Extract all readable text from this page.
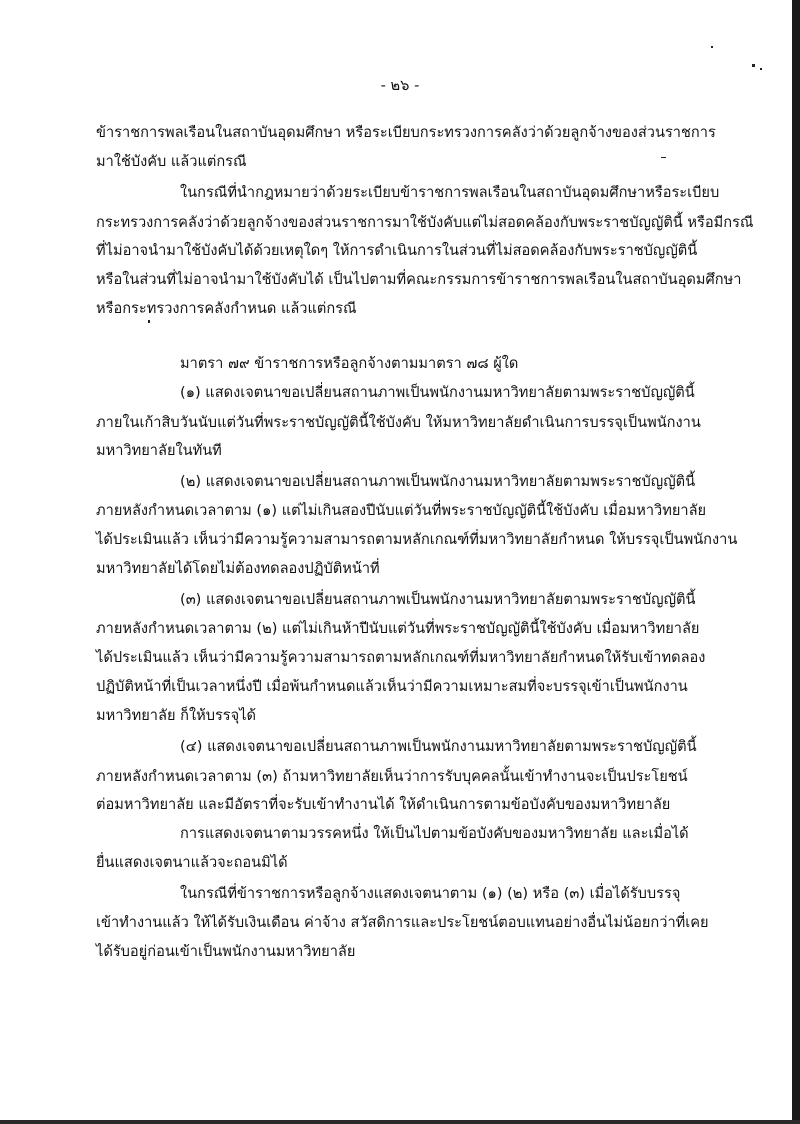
- ๒๖ -

ข้าราชการพลเรือนในสถาบันอุดมศึกษา หรือระเบียบกระทรวงการคลังว่าด้วยลูกจ้างของส่วนราชการ

มาใช้บังคับ แล้วแต่กรณี

ในกรณีที่นำกฎหมายว่าด้วยระเบียบข้าราชการพลเรือนในสถาบันอุดมศึกษาหรือระเบียบ

กระทรวงการคลังว่าด้วยลูกจ้างของส่วนราชการมาใช้บังคับแต่ไม่สอดคล้องกับพระราชบัญญัตินี้ หรือมีกรณี

ที่ไม่อาจนำมาใช้บังคับได้ด้วยเหตุใดๆ ให้การดำเนินการในส่วนที่ไม่สอดคล้องกับพระราชบัญญัตินี้

หรือในส่วนที่ไม่อาจนำมาใช้บังคับได้ เป็นไปตามที่คณะกรรมการข้าราชการพลเรือนในสถาบันอุดมศึกษา

หรือกระทรวงการคลังกำหนด แล้วแต่กรณี

มาตรา ๗๙ ข้าราชการหรือลูกจ้างตามมาตรา ๗๘ ผู้ใด

(๑) แสดงเจตนาขอเปลี่ยนสถานภาพเป็นพนักงานมหาวิทยาลัยตามพระราชบัญญัตินี้

ภายในเก้าสิบวันนับแต่วันที่พระราชบัญญัตินี้ใช้บังคับ ให้มหาวิทยาลัยดำเนินการบรรจุเป็นพนักงาน

มหาวิทยาลัยในทันที

(๒) แสดงเจตนาขอเปลี่ยนสถานภาพเป็นพนักงานมหาวิทยาลัยตามพระราชบัญญัตินี้

ภายหลังกำหนดเวลาตาม (๑) แต่ไม่เกินสองปีนับแต่วันที่พระราชบัญญัตินี้ใช้บังคับ เมื่อมหาวิทยาลัย

ได้ประเมินแล้ว เห็นว่ามีความรู้ความสามารถตามหลักเกณฑ์ที่มหาวิทยาลัยกำหนด ให้บรรจุเป็นพนักงาน

มหาวิทยาลัยได้โดยไม่ต้องทดลองปฏิบัติหน้าที่

(๓) แสดงเจตนาขอเปลี่ยนสถานภาพเป็นพนักงานมหาวิทยาลัยตามพระราชบัญญัตินี้

ภายหลังกำหนดเวลาตาม (๒) แต่ไม่เกินห้าปีนับแต่วันที่พระราชบัญญัตินี้ใช้บังคับ เมื่อมหาวิทยาลัย

ได้ประเมินแล้ว เห็นว่ามีความรู้ความสามารถตามหลักเกณฑ์ที่มหาวิทยาลัยกำหนดให้รับเข้าทดลอง

ปฏิบัติหน้าที่เป็นเวลาหนึ่งปี เมื่อพ้นกำหนดแล้วเห็นว่ามีความเหมาะสมที่จะบรรจุเข้าเป็นพนักงาน

มหาวิทยาลัย ก็ให้บรรจุได้

(๔) แสดงเจตนาขอเปลี่ยนสถานภาพเป็นพนักงานมหาวิทยาลัยตามพระราชบัญญัตินี้

ภายหลังกำหนดเวลาตาม (๓) ถ้ามหาวิทยาลัยเห็นว่าการรับบุคคลนั้นเข้าทำงานจะเป็นประโยชน์

ต่อมหาวิทยาลัย และมีอัตราที่จะรับเข้าทำงานได้ ให้ดำเนินการตามข้อบังคับของมหาวิทยาลัย

การแสดงเจตนาตามวรรคหนึ่ง ให้เป็นไปตามข้อบังคับของมหาวิทยาลัย และเมื่อได้

ยื่นแสดงเจตนาแล้วจะถอนมิได้

ในกรณีที่ข้าราชการหรือลูกจ้างแสดงเจตนาตาม (๑) (๒) หรือ (๓) เมื่อได้รับบรรจุ

เข้าทำงานแล้ว ให้ได้รับเงินเดือน ค่าจ้าง สวัสดิการและประโยชน์ตอบแทนอย่างอื่นไม่น้อยกว่าที่เคย

ได้รับอยู่ก่อนเข้าเป็นพนักงานมหาวิทยาลัย
